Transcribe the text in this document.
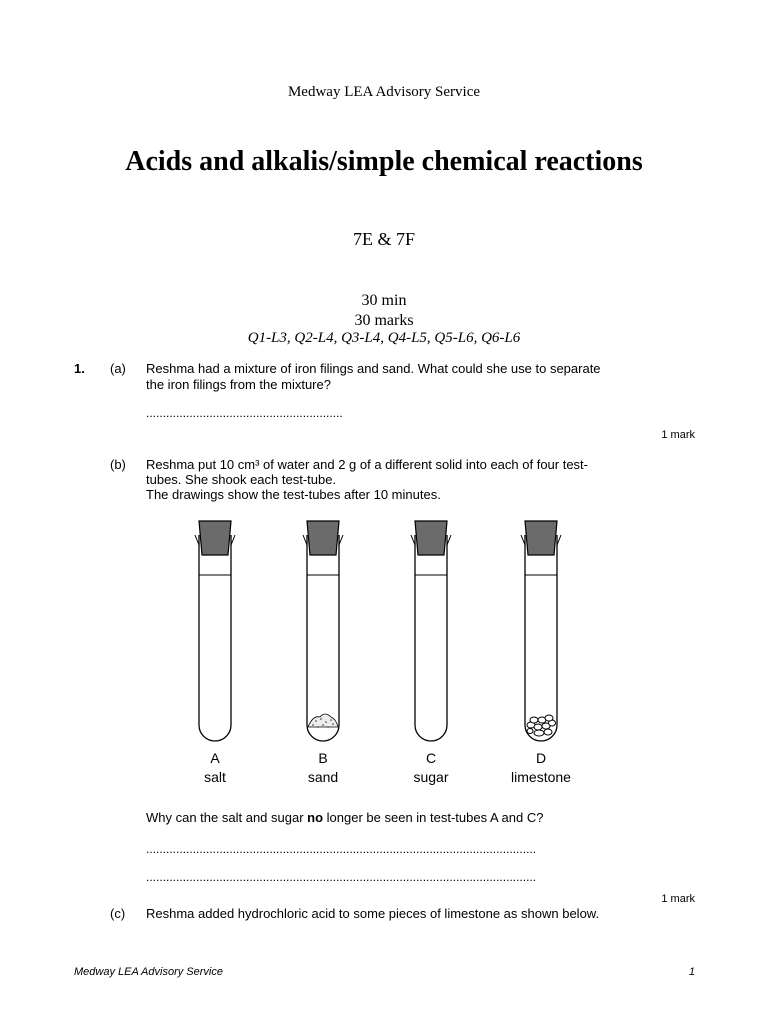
Medway LEA Advisory Service
Acids and alkalis/simple chemical reactions
7E & 7F
30 min
30 marks
Q1-L3, Q2-L4, Q3-L4, Q4-L5, Q5-L6, Q6-L6
1. (a) Reshma had a mixture of iron filings and sand. What could she use to separate
the iron filings from the mixture?
...........................................................
1 mark
(b) Reshma put 10 cm³ of water and 2 g of a different solid into each of four test-
tubes. She shook each test-tube.
The drawings show the test-tubes after 10 minutes.
A	B	C	D
salt	sand	sugar	limestone
Why can the salt and sugar no longer be seen in test-tubes A and C?
.....................................................................................................................
.....................................................................................................................
1 mark
(c) Reshma added hydrochloric acid to some pieces of limestone as shown below.
Medway LEA Advisory Service	1
